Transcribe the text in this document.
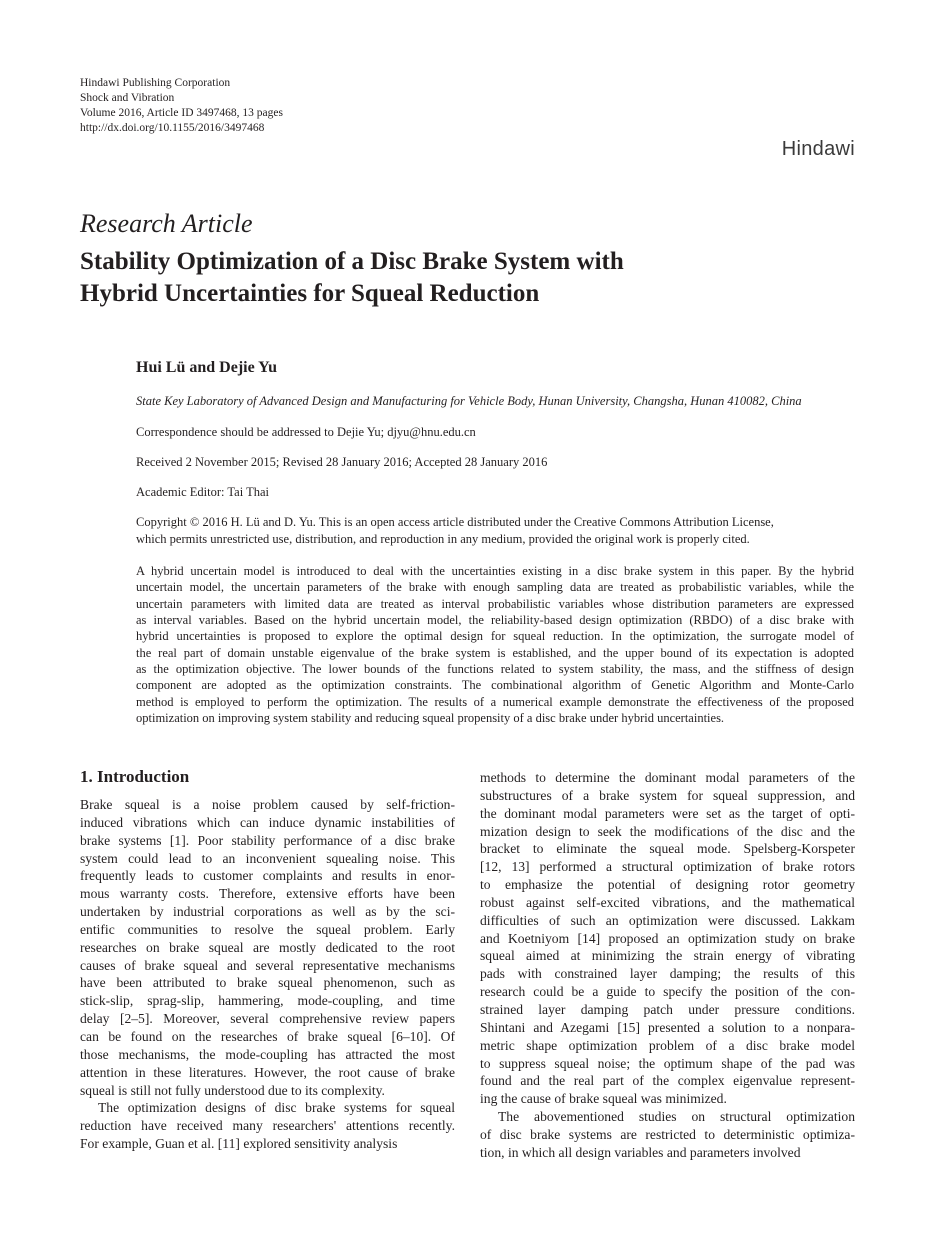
Hindawi Publishing Corporation
Shock and Vibration
Volume 2016, Article ID 3497468, 13 pages
http://dx.doi.org/10.1155/2016/3497468
Hindawi
Research Article
Stability Optimization of a Disc Brake System with
Hybrid Uncertainties for Squeal Reduction
Hui Lü and Dejie Yu
State Key Laboratory of Advanced Design and Manufacturing for Vehicle Body, Hunan University, Changsha, Hunan 410082, China
Correspondence should be addressed to Dejie Yu; djyu@hnu.edu.cn
Received 2 November 2015; Revised 28 January 2016; Accepted 28 January 2016
Academic Editor: Tai Thai
Copyright © 2016 H. Lü and D. Yu. This is an open access article distributed under the Creative Commons Attribution License,
which permits unrestricted use, distribution, and reproduction in any medium, provided the original work is properly cited.
A hybrid uncertain model is introduced to deal with the uncertainties existing in a disc brake system in this paper. By the hybrid
uncertain model, the uncertain parameters of the brake with enough sampling data are treated as probabilistic variables, while the
uncertain parameters with limited data are treated as interval probabilistic variables whose distribution parameters are expressed
as interval variables. Based on the hybrid uncertain model, the reliability-based design optimization (RBDO) of a disc brake with
hybrid uncertainties is proposed to explore the optimal design for squeal reduction. In the optimization, the surrogate model of
the real part of domain unstable eigenvalue of the brake system is established, and the upper bound of its expectation is adopted
as the optimization objective. The lower bounds of the functions related to system stability, the mass, and the stiffness of design
component are adopted as the optimization constraints. The combinational algorithm of Genetic Algorithm and Monte-Carlo
method is employed to perform the optimization. The results of a numerical example demonstrate the effectiveness of the proposed
optimization on improving system stability and reducing squeal propensity of a disc brake under hybrid uncertainties.
1. Introduction
Brake squeal is a noise problem caused by self-friction-
induced vibrations which can induce dynamic instabilities of
brake systems [1]. Poor stability performance of a disc brake
system could lead to an inconvenient squealing noise. This
frequently leads to customer complaints and results in enor-
mous warranty costs. Therefore, extensive efforts have been
undertaken by industrial corporations as well as by the sci-
entific communities to resolve the squeal problem. Early
researches on brake squeal are mostly dedicated to the root
causes of brake squeal and several representative mechanisms
have been attributed to brake squeal phenomenon, such as
stick-slip, sprag-slip, hammering, mode-coupling, and time
delay [2–5]. Moreover, several comprehensive review papers
can be found on the researches of brake squeal [6–10]. Of
those mechanisms, the mode-coupling has attracted the most
attention in these literatures. However, the root cause of brake
squeal is still not fully understood due to its complexity.
The optimization designs of disc brake systems for squeal
reduction have received many researchers' attentions recently.
For example, Guan et al. [11] explored sensitivity analysis
methods to determine the dominant modal parameters of the
substructures of a brake system for squeal suppression, and
the dominant modal parameters were set as the target of opti-
mization design to seek the modifications of the disc and the
bracket to eliminate the squeal mode. Spelsberg-Korspeter
[12, 13] performed a structural optimization of brake rotors
to emphasize the potential of designing rotor geometry
robust against self-excited vibrations, and the mathematical
difficulties of such an optimization were discussed. Lakkam
and Koetniyom [14] proposed an optimization study on brake
squeal aimed at minimizing the strain energy of vibrating
pads with constrained layer damping; the results of this
research could be a guide to specify the position of the con-
strained layer damping patch under pressure conditions.
Shintani and Azegami [15] presented a solution to a nonpara-
metric shape optimization problem of a disc brake model
to suppress squeal noise; the optimum shape of the pad was
found and the real part of the complex eigenvalue represent-
ing the cause of brake squeal was minimized.
The abovementioned studies on structural optimization
of disc brake systems are restricted to deterministic optimiza-
tion, in which all design variables and parameters involved
